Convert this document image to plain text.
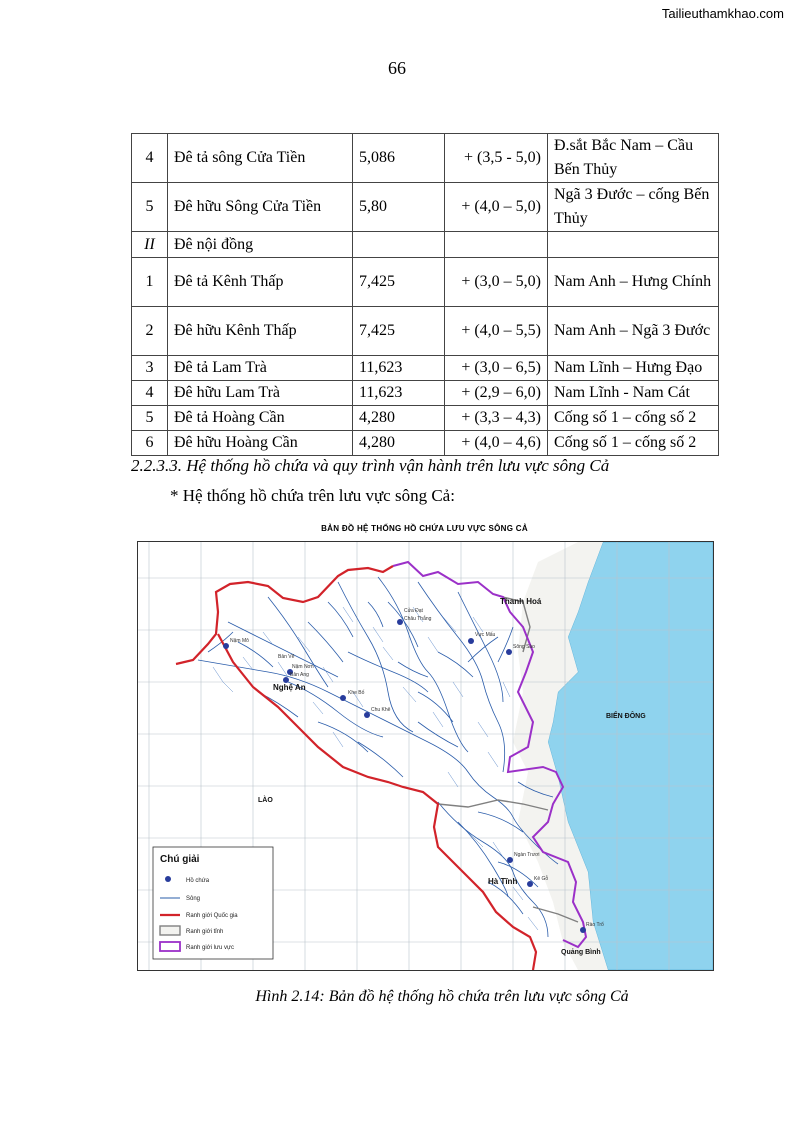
Tailieuthamkhao.com
66
4	Đê tả sông Cửa Tiền	5,086	+ (3,5 - 5,0)	Đ.sắt Bắc Nam – Cầu Bến Thủy
5	Đê hữu Sông Cửa Tiền	5,80	+ (4,0 – 5,0)	Ngã 3 Đước – cống Bến Thủy
II	Đê nội đồng			
1	Đê tả Kênh Thấp	7,425	+ (3,0 – 5,0)	Nam Anh – Hưng Chính
2	Đê hữu Kênh Thấp	7,425	+ (4,0 – 5,5)	Nam Anh – Ngã 3 Đước
3	Đê tả Lam Trà	11,623	+ (3,0 – 6,5)	Nam Lĩnh – Hưng Đạo
4	Đê hữu Lam Trà	11,623	+ (2,9 – 6,0)	Nam Lĩnh - Nam Cát
5	Đê tả Hoàng Cần	4,280	+ (3,3 – 4,3)	Cống số 1 – cống số 2
6	Đê hữu Hoàng Cần	4,280	+ (4,0 – 4,6)	Cống số 1 – cống số 2
2.2.3.3. Hệ thống hồ chứa và quy trình vận hành trên lưu vực sông Cả
* Hệ thống hồ chứa trên lưu vực sông Cả:
BẢN ĐỒ HỆ THỐNG HỒ CHỨA LƯU VỰC SÔNG CẢ
Nậm Mô
Bản Vẽ
Nậm Nơn
Bản Ang
Khe Bố
Cửa Đạt
Châu Thắng
Vực Mấu
Sông Sào
Ngàn Trươi
Kẻ Gỗ
Chu Khê
Rào Trổ
Thanh Hoá
Nghệ An
LÀO
BIỂN ĐÔNG
Hà Tĩnh
Quảng Bình
Chú giải
Hồ chứa
Sông
Ranh giới Quốc gia
Ranh giới tỉnh
Ranh giới lưu vực
Hình 2.14: Bản đồ hệ thống hồ chứa trên lưu vực sông Cả
